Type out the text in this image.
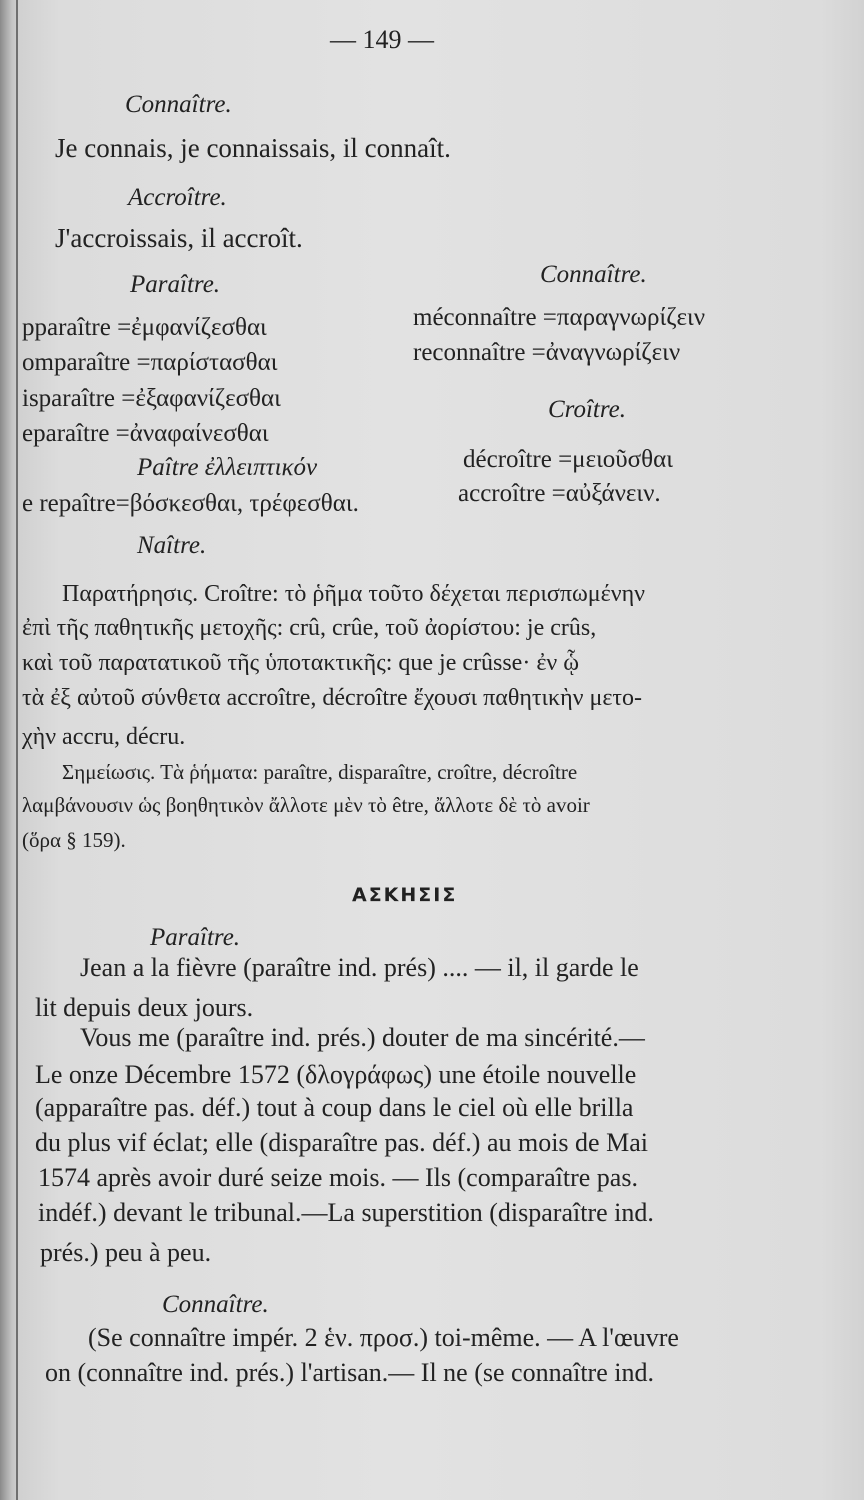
— 149 —
Connaître.
Je connais, je connaissais, il connaît.
Accroître.
J'accroissais, il accroît.
Paraître.	Connaître.
pparaître =ἐμφανίζεσθαι	méconnaître =παραγνωρίζειν
omparaître =παρίστασθαι	reconnaître =ἀναγνωρίζειν
isparaître =ἐξαφανίζεσθαι	Croître.
eparaître =ἀναφαίνεσθαι
Paître ἐλλειπτικόν	décroître =μειοῦσθαι
e repaître=βόσκεσθαι, τρέφεσθαι.	accroître =αὐξάνειν.
Naître.
Παρατήρησις. Croître: τὸ ῥῆμα τοῦτο δέχεται περισπωμένην
ἐπὶ τῆς παθητικῆς μετοχῆς: crû, crûe, τοῦ ἀορίστου: je crûs,
καὶ τοῦ παρατατικοῦ τῆς ὑποτακτικῆς: que je crûsse· ἐν ᾧ
τὰ ἐξ αὐτοῦ σύνθετα accroître, décroître ἔχουσι παθητικὴν μετο-
χὴν accru, décru.
Σημείωσις. Τὰ ῥήματα: paraître, disparaître, croître, décroître
λαμβάνουσιν ὡς βοηθητικὸν ἄλλοτε μὲν τὸ être, ἄλλοτε δὲ τὸ avoir
(ὅρα § 159).
ΑΣΚΗΣΙΣ
Paraître.
Jean a la fièvre (paraître ind. prés) .... — il, il garde le
lit depuis deux jours.
Vous me (paraître ind. prés.) douter de ma sincérité.—
Le onze Décembre 1572 (δλογράφως) une étoile nouvelle
(apparaître pas. déf.) tout à coup dans le ciel où elle brilla
du plus vif éclat; elle (disparaître pas. déf.) au mois de Mai
1574 après avoir duré seize mois. — Ils (comparaître pas.
indéf.) devant le tribunal.—La superstition (disparaître ind.
prés.) peu à peu.
Connaître.
(Se connaître impér. 2 ἑν. προσ.) toi-même. — A l'œuvre
on (connaître ind. prés.) l'artisan.— Il ne (se connaître ind.
